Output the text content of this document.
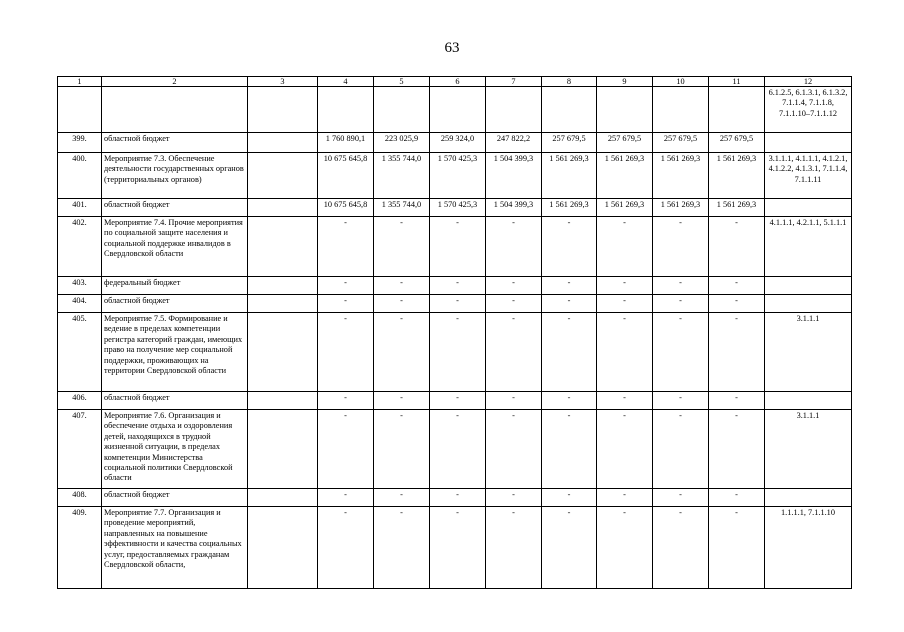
63
1	2	3	4	5	6	7	8	9	10	11	12
											6.1.2.5, 6.1.3.1, 6.1.3.2, 7.1.1.4, 7.1.1.8, 7.1.1.10–7.1.1.12
399.	областной бюджет		1 760 890,1	223 025,9	259 324,0	247 822,2	257 679,5	257 679,5	257 679,5	257 679,5	
400.	Мероприятие 7.3. Обеспечение деятельности государственных органов (территориальных органов)		10 675 645,8	1 355 744,0	1 570 425,3	1 504 399,3	1 561 269,3	1 561 269,3	1 561 269,3	1 561 269,3	3.1.1.1, 4.1.1.1, 4.1.2.1, 4.1.2.2, 4.1.3.1, 7.1.1.4, 7.1.1.11
401.	областной бюджет		10 675 645,8	1 355 744,0	1 570 425,3	1 504 399,3	1 561 269,3	1 561 269,3	1 561 269,3	1 561 269,3	
402.	Мероприятие 7.4. Прочие мероприятия по социальной защите населения и социальной поддержке инвалидов в Свердловской области		-	-	-	-	-	-	-	-	4.1.1.1, 4.2.1.1, 5.1.1.1
403.	федеральный бюджет		-	-	-	-	-	-	-	-	
404.	областной бюджет		-	-	-	-	-	-	-	-	
405.	Мероприятие 7.5. Формирование и ведение в пределах компетенции регистра категорий граждан, имеющих право на получение мер социальной поддержки, проживающих на территории Свердловской области		-	-	-	-	-	-	-	-	3.1.1.1
406.	областной бюджет		-	-	-	-	-	-	-	-	
407.	Мероприятие 7.6. Организация и обеспечение отдыха и оздоровления детей, находящихся в трудной жизненной ситуации, в пределах компетенции Министерства социальной политики Свердловской области		-	-	-	-	-	-	-	-	3.1.1.1
408.	областной бюджет		-	-	-	-	-	-	-	-	
409.	Мероприятие 7.7. Организация и проведение мероприятий, направленных на повышение эффективности и качества социальных услуг, предоставляемых гражданам Свердловской области,		-	-	-	-	-	-	-	-	1.1.1.1, 7.1.1.10
